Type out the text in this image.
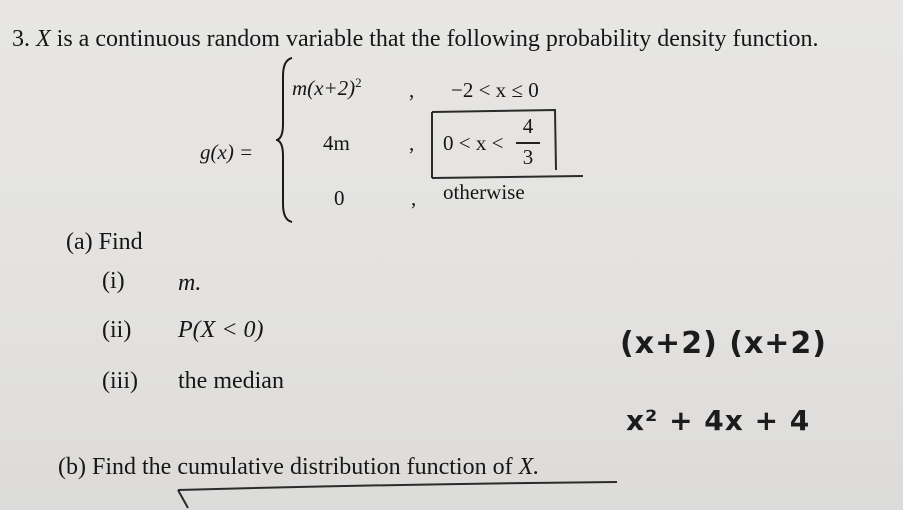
3. X is a continuous random variable that the following probability density function.
g(x) =
$m(x+2)^2$ , −2 < x ≤ 0
4m	, 0 < x <
4
3
0	, otherwise
(a) Find
(i) m.
(ii) P(X < 0)
(iii) the median
(b) Find the cumulative distribution function of X.
(x+2) (x+2)
x² + 4x + 4
